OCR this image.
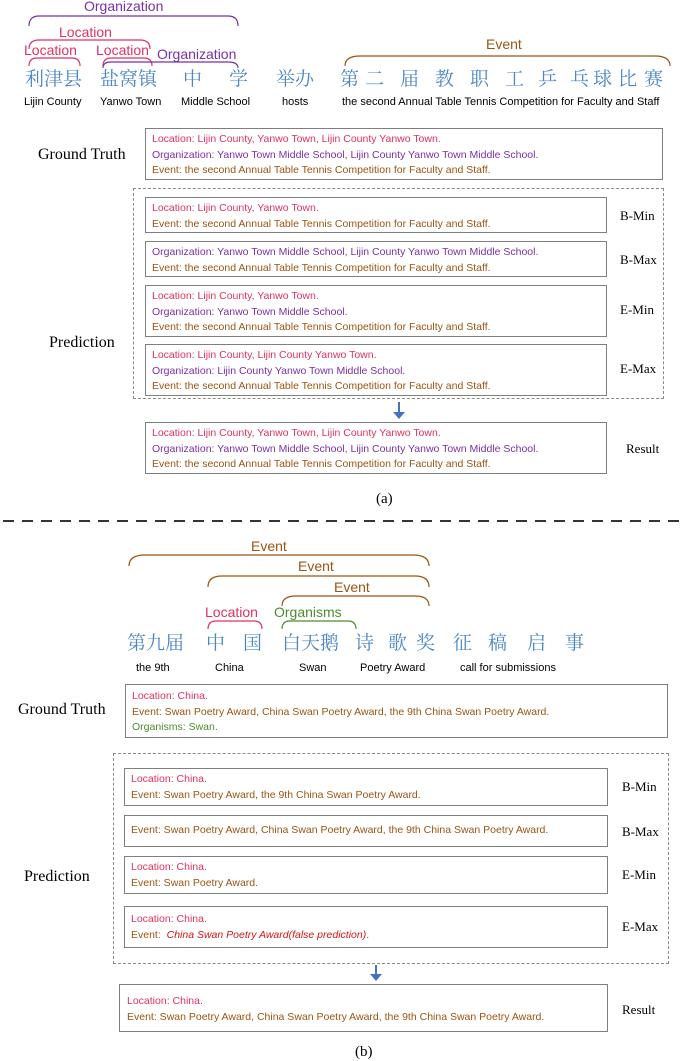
Organization
Location
Location Location Organization
Event
利津县 盐窝镇 中 学 举办 第 二 届 教 职 工 乒 乓 球 比 赛
Lijin County Yanwo Town Middle School	hosts	the second Annual Table Tennis Competition for Faculty and Staff
Ground Truth
Location: Lijin County, Yanwo Town, Lijin County Yanwo Town.
Organization: Yanwo Town Middle School, Lijin County Yanwo Town Middle School.
Event: the second Annual Table Tennis Competition for Faculty and Staff.
Prediction
Location: Lijin County, Yanwo Town.
Event: the second Annual Table Tennis Competition for Faculty and Staff.
B-Min
Organization: Yanwo Town Middle School, Lijin County Yanwo Town Middle School.
Event: the second Annual Table Tennis Competition for Faculty and Staff.
B-Max
Location: Lijin County, Yanwo Town.
Organization: Yanwo Town Middle School.
Event: the second Annual Table Tennis Competition for Faculty and Staff.
E-Min
Location: Lijin County, Lijin County Yanwo Town.
Organization: Lijin County Yanwo Town Middle School.
Event: the second Annual Table Tennis Competition for Faculty and Staff.
E-Max
Location: Lijin County, Yanwo Town, Lijin County Yanwo Town.
Organization: Yanwo Town Middle School, Lijin County Yanwo Town Middle School.
Event: the second Annual Table Tennis Competition for Faculty and Staff.
Result
(a)
Event
Event
Event
Location Organisms
第九届 中 国 白天鹅 诗 歌 奖 征 稿 启 事
the 9th	China	Swan	Poetry Award	call for submissions
Ground Truth
Location: China.
Event: Swan Poetry Award, China Swan Poetry Award, the 9th China Swan Poetry Award.
Organisms: Swan.
Prediction
Location: China.
Event: Swan Poetry Award, the 9th China Swan Poetry Award.
B-Min
Event: Swan Poetry Award, China Swan Poetry Award, the 9th China Swan Poetry Award.	B-Max
Location: China.
Event: Swan Poetry Award.
E-Min
Location: China.
Event:  China Swan Poetry Award(false prediction).
E-Max
Location: China.
Event: Swan Poetry Award, China Swan Poetry Award, the 9th China Swan Poetry Award.	Result
(b)
